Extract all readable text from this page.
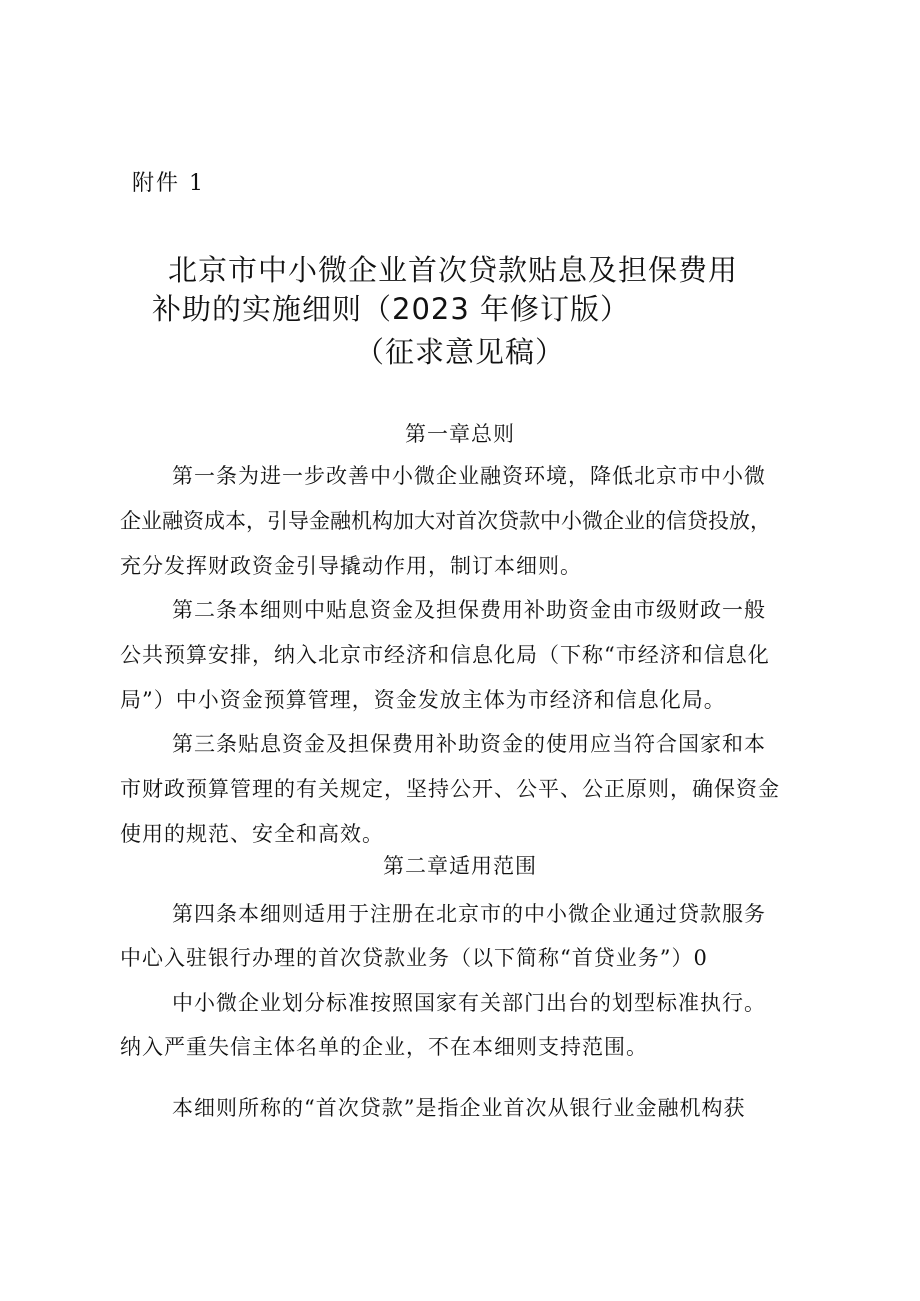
附件 1
北京市中小微企业首次贷款贴息及担保费用
补助的实施细则（2023 年修订版）
（征求意见稿）
第一章总则
第一条为进一步改善中小微企业融资环境，降低北京市中小微
企业融资成本，引导金融机构加大对首次贷款中小微企业的信贷投放，
充分发挥财政资金引导撬动作用，制订本细则。
第二条本细则中贴息资金及担保费用补助资金由市级财政一般
公共预算安排，纳入北京市经济和信息化局（下称“市经济和信息化
局”）中小资金预算管理，资金发放主体为市经济和信息化局。
第三条贴息资金及担保费用补助资金的使用应当符合国家和本
市财政预算管理的有关规定，坚持公开、公平、公正原则，确保资金
使用的规范、安全和高效。
第二章适用范围
第四条本细则适用于注册在北京市的中小微企业通过贷款服务
中心入驻银行办理的首次贷款业务（以下简称“首贷业务”）0
中小微企业划分标准按照国家有关部门出台的划型标准执行。
纳入严重失信主体名单的企业，不在本细则支持范围。
本细则所称的“首次贷款”是指企业首次从银行业金融机构获
